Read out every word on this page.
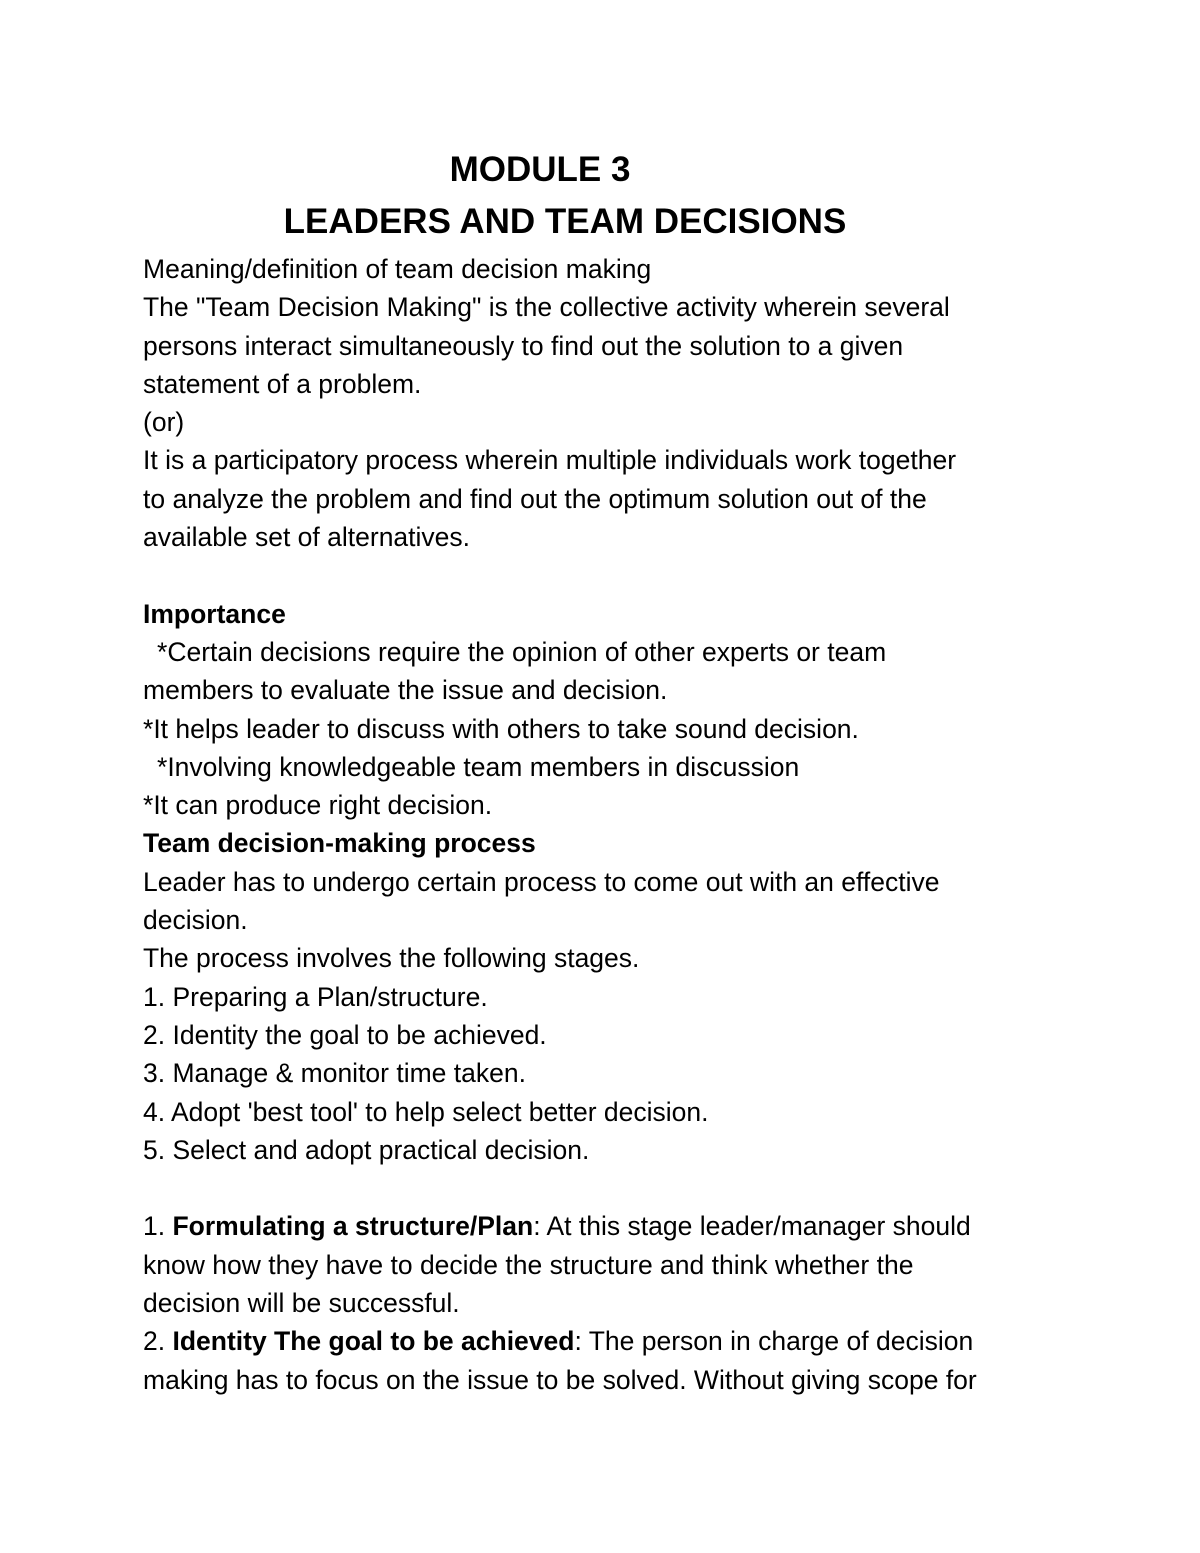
MODULE 3
LEADERS AND TEAM DECISIONS
Meaning/definition of team decision making
The "Team Decision Making" is the collective activity wherein several
persons interact simultaneously to find out the solution to a given
statement of a problem.
(or)
It is a participatory process wherein multiple individuals work together
to analyze the problem and find out the optimum solution out of the
available set of alternatives.
Importance
*Certain decisions require the opinion of other experts or team
members to evaluate the issue and decision.
*It helps leader to discuss with others to take sound decision.
*Involving knowledgeable team members in discussion
*It can produce right decision.
Team decision-making process
Leader has to undergo certain process to come out with an effective
decision.
The process involves the following stages.
1. Preparing a Plan/structure.
2. Identity the goal to be achieved.
3. Manage & monitor time taken.
4. Adopt 'best tool' to help select better decision.
5. Select and adopt practical decision.
1. Formulating a structure/Plan: At this stage leader/manager should
know how they have to decide the structure and think whether the
decision will be successful.
2. Identity The goal to be achieved: The person in charge of decision
making has to focus on the issue to be solved. Without giving scope for
